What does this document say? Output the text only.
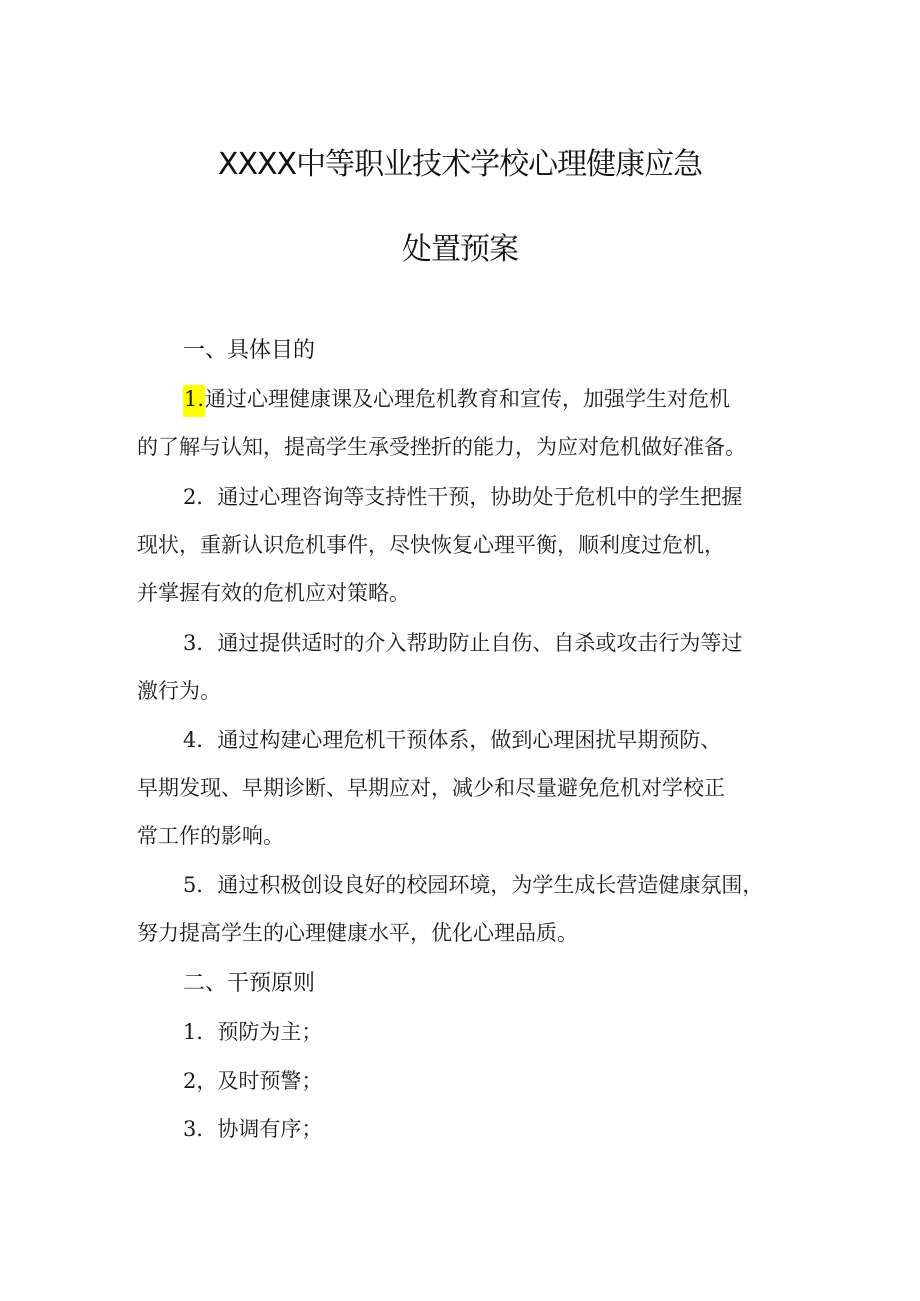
XXXX中等职业技术学校心理健康应急
处置预案
一、具体目的
1.通过心理健康课及心理危机教育和宣传，加强学生对危机
的了解与认知，提高学生承受挫折的能力，为应对危机做好准备。
2．通过心理咨询等支持性干预，协助处于危机中的学生把握
现状，重新认识危机事件，尽快恢复心理平衡，顺利度过危机，
并掌握有效的危机应对策略。
3．通过提供适时的介入帮助防止自伤、自杀或攻击行为等过
激行为。
4．通过构建心理危机干预体系，做到心理困扰早期预防、
早期发现、早期诊断、早期应对，减少和尽量避免危机对学校正
常工作的影响。
5．通过积极创设良好的校园环境，为学生成长营造健康氛围，
努力提高学生的心理健康水平，优化心理品质。
二、干预原则
1．预防为主；
2，及时预警；
3．协调有序；
